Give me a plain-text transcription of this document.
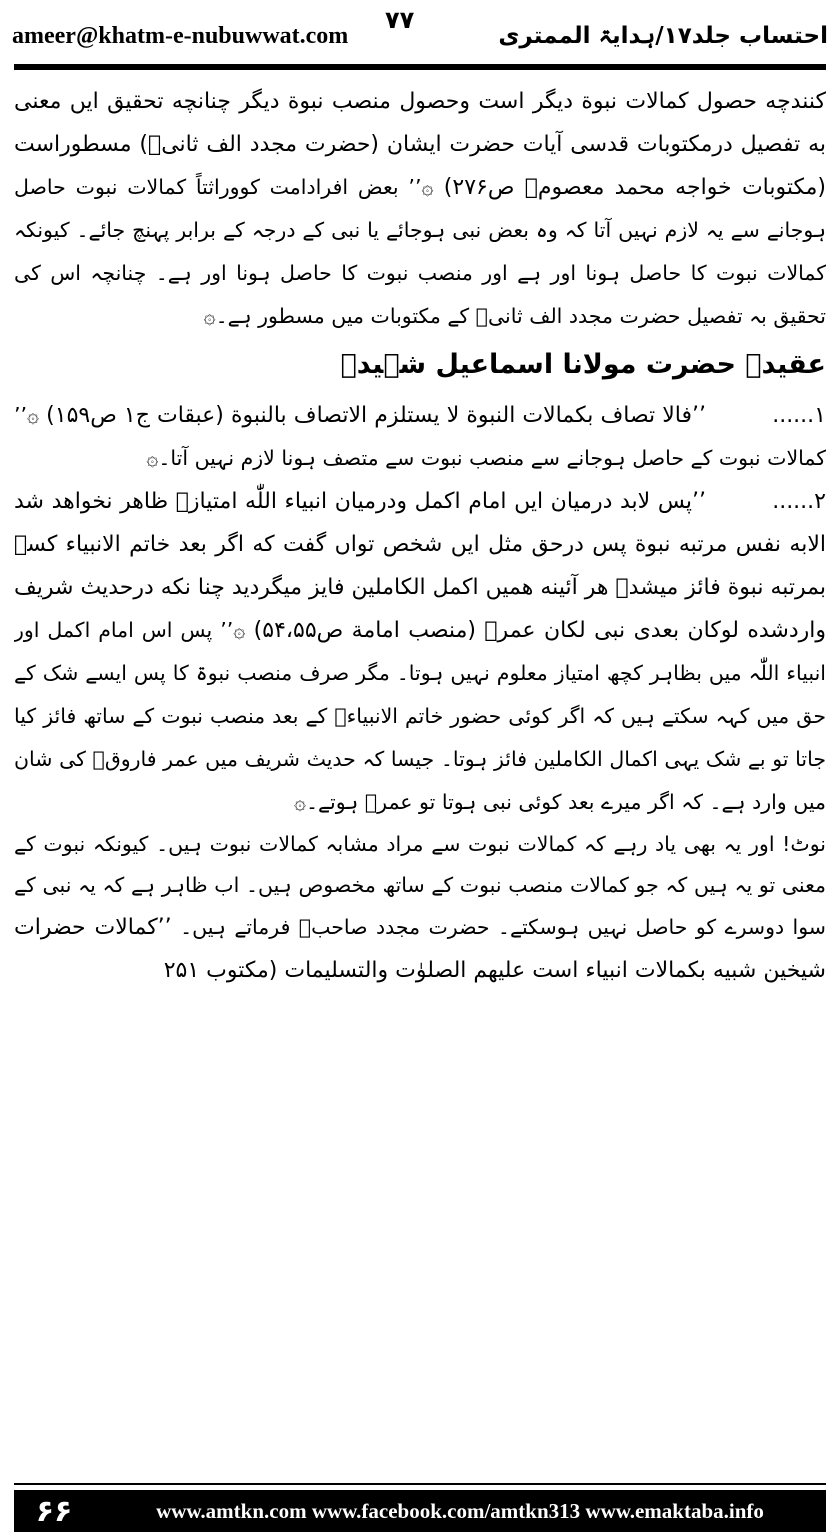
ameer@khatm-e-nubuwwat.com	احتساب جلد۱۷/ہدایۃ الممتری
۷۷

کنندچه حصول کمالات نبوة دیگر است وحصول منصب نبوة دیگر چنانچه تحقیق ایں معنی به تفصیل درمکتوبات قدسی آیات حضرت ایشان (حضرت مجدد الف ثانیؒ) مسطوراست (مکتوبات خواجه محمد معصومؒ ص۲۷۶) ۞’’ بعض افرادامت کووراثتاً کمالات نبوت حاصل ہوجانے سے یہ لازم نہیں آتا کہ وہ بعض نبی ہوجائے یا نبی کے درجہ کے برابر پہنچ جائے۔ کیونکہ کمالات نبوت کا حاصل ہونا اور ہے اور منصب نبوت کا حاصل ہونا اور ہے۔ چنانچہ اس کی تحقیق بہ تفصیل حضرت مجدد الف ثانیؒ کے مکتوبات میں مسطور ہے۔۞

عقیدہ حضرت مولانا اسماعیل شہیدؒ

۱......’’فالا تصاف بکمالات النبوة لا یستلزم الاتصاف بالنبوة (عبقات ج۱ ص۱۵۹) ۞’’ کمالات نبوت کے حاصل ہوجانے سے منصب نبوت سے متصف ہونا لازم نہیں آتا۔۞

۲......’’پس لابد درمیان ایں امام اکمل ودرمیان انبیاء اللّٰه امتیازے ظاهر نخواهد شد الابه نفس مرتبه نبوة پس درحق مثل ایں شخص تواں گفت که اگر بعد خاتم الانبیاء کسے بمرتبه نبوة فائز میشدے هر آئینه همیں اکمل الکاملین فایز میگردید چنا نکه درحدیث شریف واردشده لوکان بعدی نبی لکان عمرؓ (منصب امامة ص۵۴،۵۵) ۞’’ پس اس امام اکمل اور انبیاء اللّٰہ میں بظاہر کچھ امتیاز معلوم نہیں ہوتا۔ مگر صرف منصب نبوۃ کا پس ایسے شک کے حق میں کہہ سکتے ہیں کہ اگر کوئی حضور خاتم الانبیاءﷺ کے بعد منصب نبوت کے ساتھ فائز کیا جاتا تو بے شک یہی اکمال الکاملین فائز ہوتا۔ جیسا کہ حدیث شریف میں عمر فاروقؓ کی شان میں وارد ہے۔ کہ اگر میرے بعد کوئی نبی ہوتا تو عمرؓ ہوتے۔۞

نوٹ! اور یہ بھی یاد رہے کہ کمالات نبوت سے مراد مشابہ کمالات نبوت ہیں۔ کیونکہ نبوت کے معنی تو یہ ہیں کہ جو کمالات منصب نبوت کے ساتھ مخصوص ہیں۔ اب ظاہر ہے کہ یہ نبی کے سوا دوسرے کو حاصل نہیں ہوسکتے۔ حضرت مجدد صاحبؒ فرماتے ہیں۔ ’’کمالات حضرات شیخین شبیه بکمالات انبیاء است علیهم الصلوٰت والتسلیمات (مکتوب ۲۵۱

۶۶	www.amtkn.com www.facebook.com/amtkn313 www.emaktaba.info
